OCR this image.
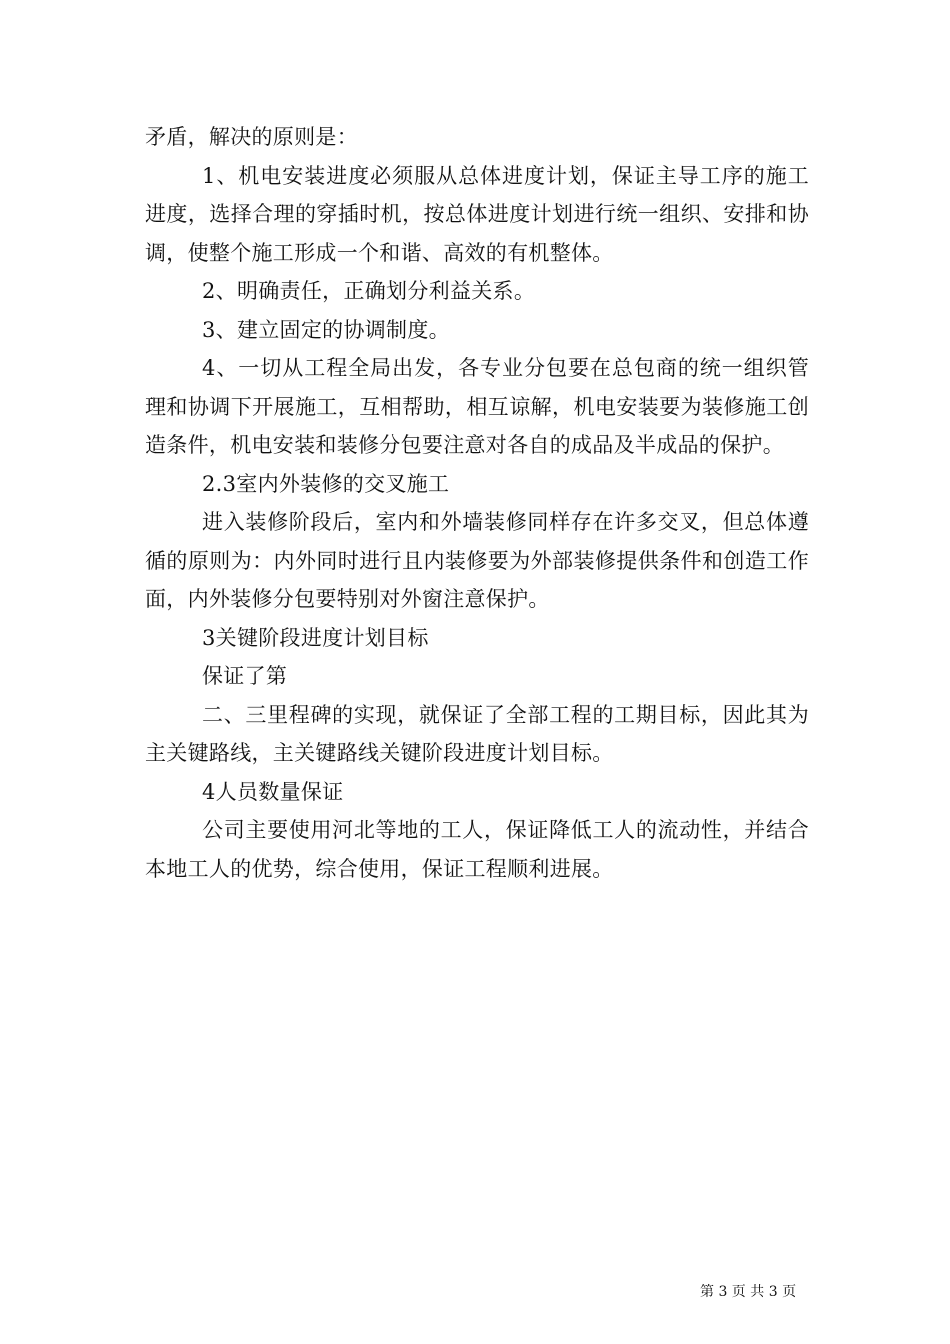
矛盾，解决的原则是：

1、机电安装进度必须服从总体进度计划，保证主导工序的施工进度，选择合理的穿插时机，按总体进度计划进行统一组织、安排和协调，使整个施工形成一个和谐、高效的有机整体。

2、明确责任，正确划分利益关系。

3、建立固定的协调制度。

4、一切从工程全局出发，各专业分包要在总包商的统一组织管理和协调下开展施工，互相帮助，相互谅解，机电安装要为装修施工创造条件，机电安装和装修分包要注意对各自的成品及半成品的保护。

2.3室内外装修的交叉施工

进入装修阶段后，室内和外墙装修同样存在许多交叉，但总体遵循的原则为：内外同时进行且内装修要为外部装修提供条件和创造工作面，内外装修分包要特别对外窗注意保护。

3关键阶段进度计划目标

保证了第

二、三里程碑的实现，就保证了全部工程的工期目标，因此其为主关键路线，主关键路线关键阶段进度计划目标。

4人员数量保证

公司主要使用河北等地的工人，保证降低工人的流动性，并结合本地工人的优势，综合使用，保证工程顺利进展。

第 3 页 共 3 页
